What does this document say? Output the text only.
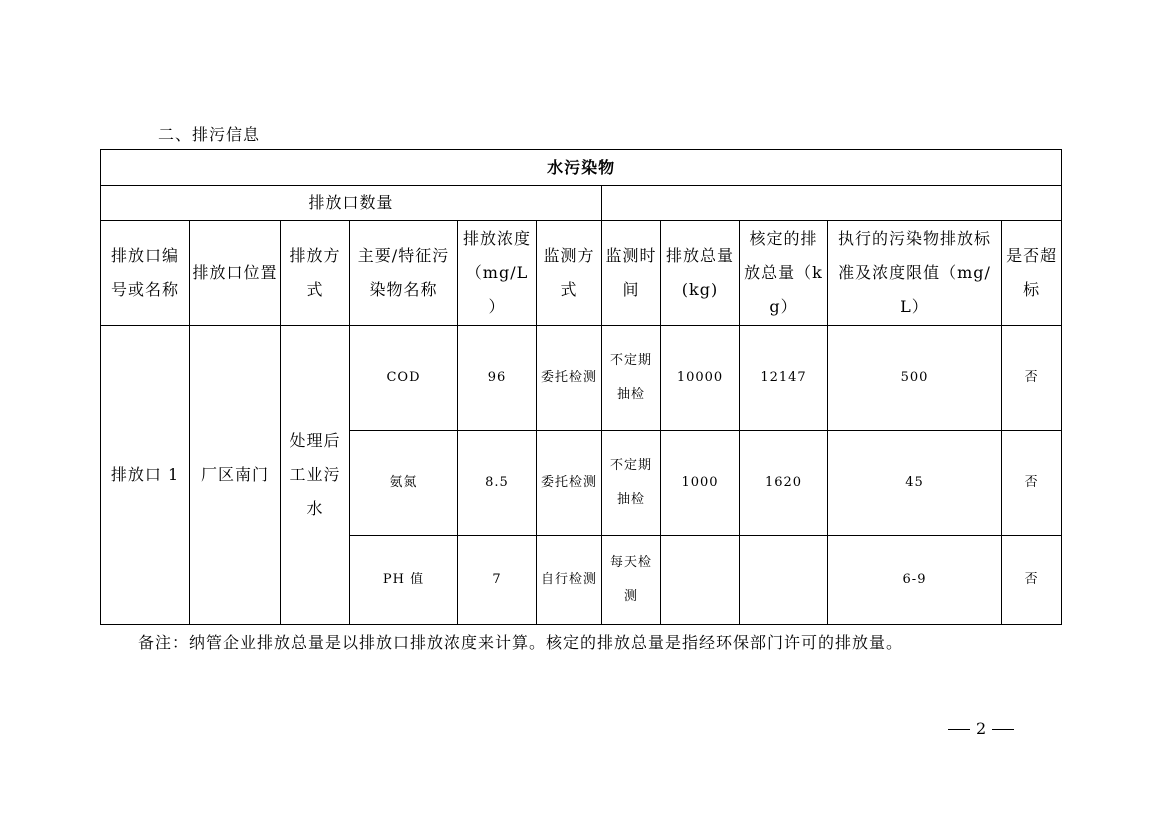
二、排污信息
水污染物										
排放口数量										
排放口编号或名称	排放口位置	排放方式	主要/特征污染物名称	排放浓度（mg/L ）	监测方式	监测时间	排放总量(kg)	核定的排放总量（kg）	执行的污染物排放标准及浓度限值（mg/L）	是否超标
排放口 1	厂区南门	处理后工业污水	COD	96	委托检测	不定期抽检	10000	12147	500	否
			氨氮	8.5	委托检测	不定期抽检	1000	1620	45	否
			PH 值	7	自行检测	每天检测			6-9	否
备注：纳管企业排放总量是以排放口排放浓度来计算。核定的排放总量是指经环保部门许可的排放量。
2
